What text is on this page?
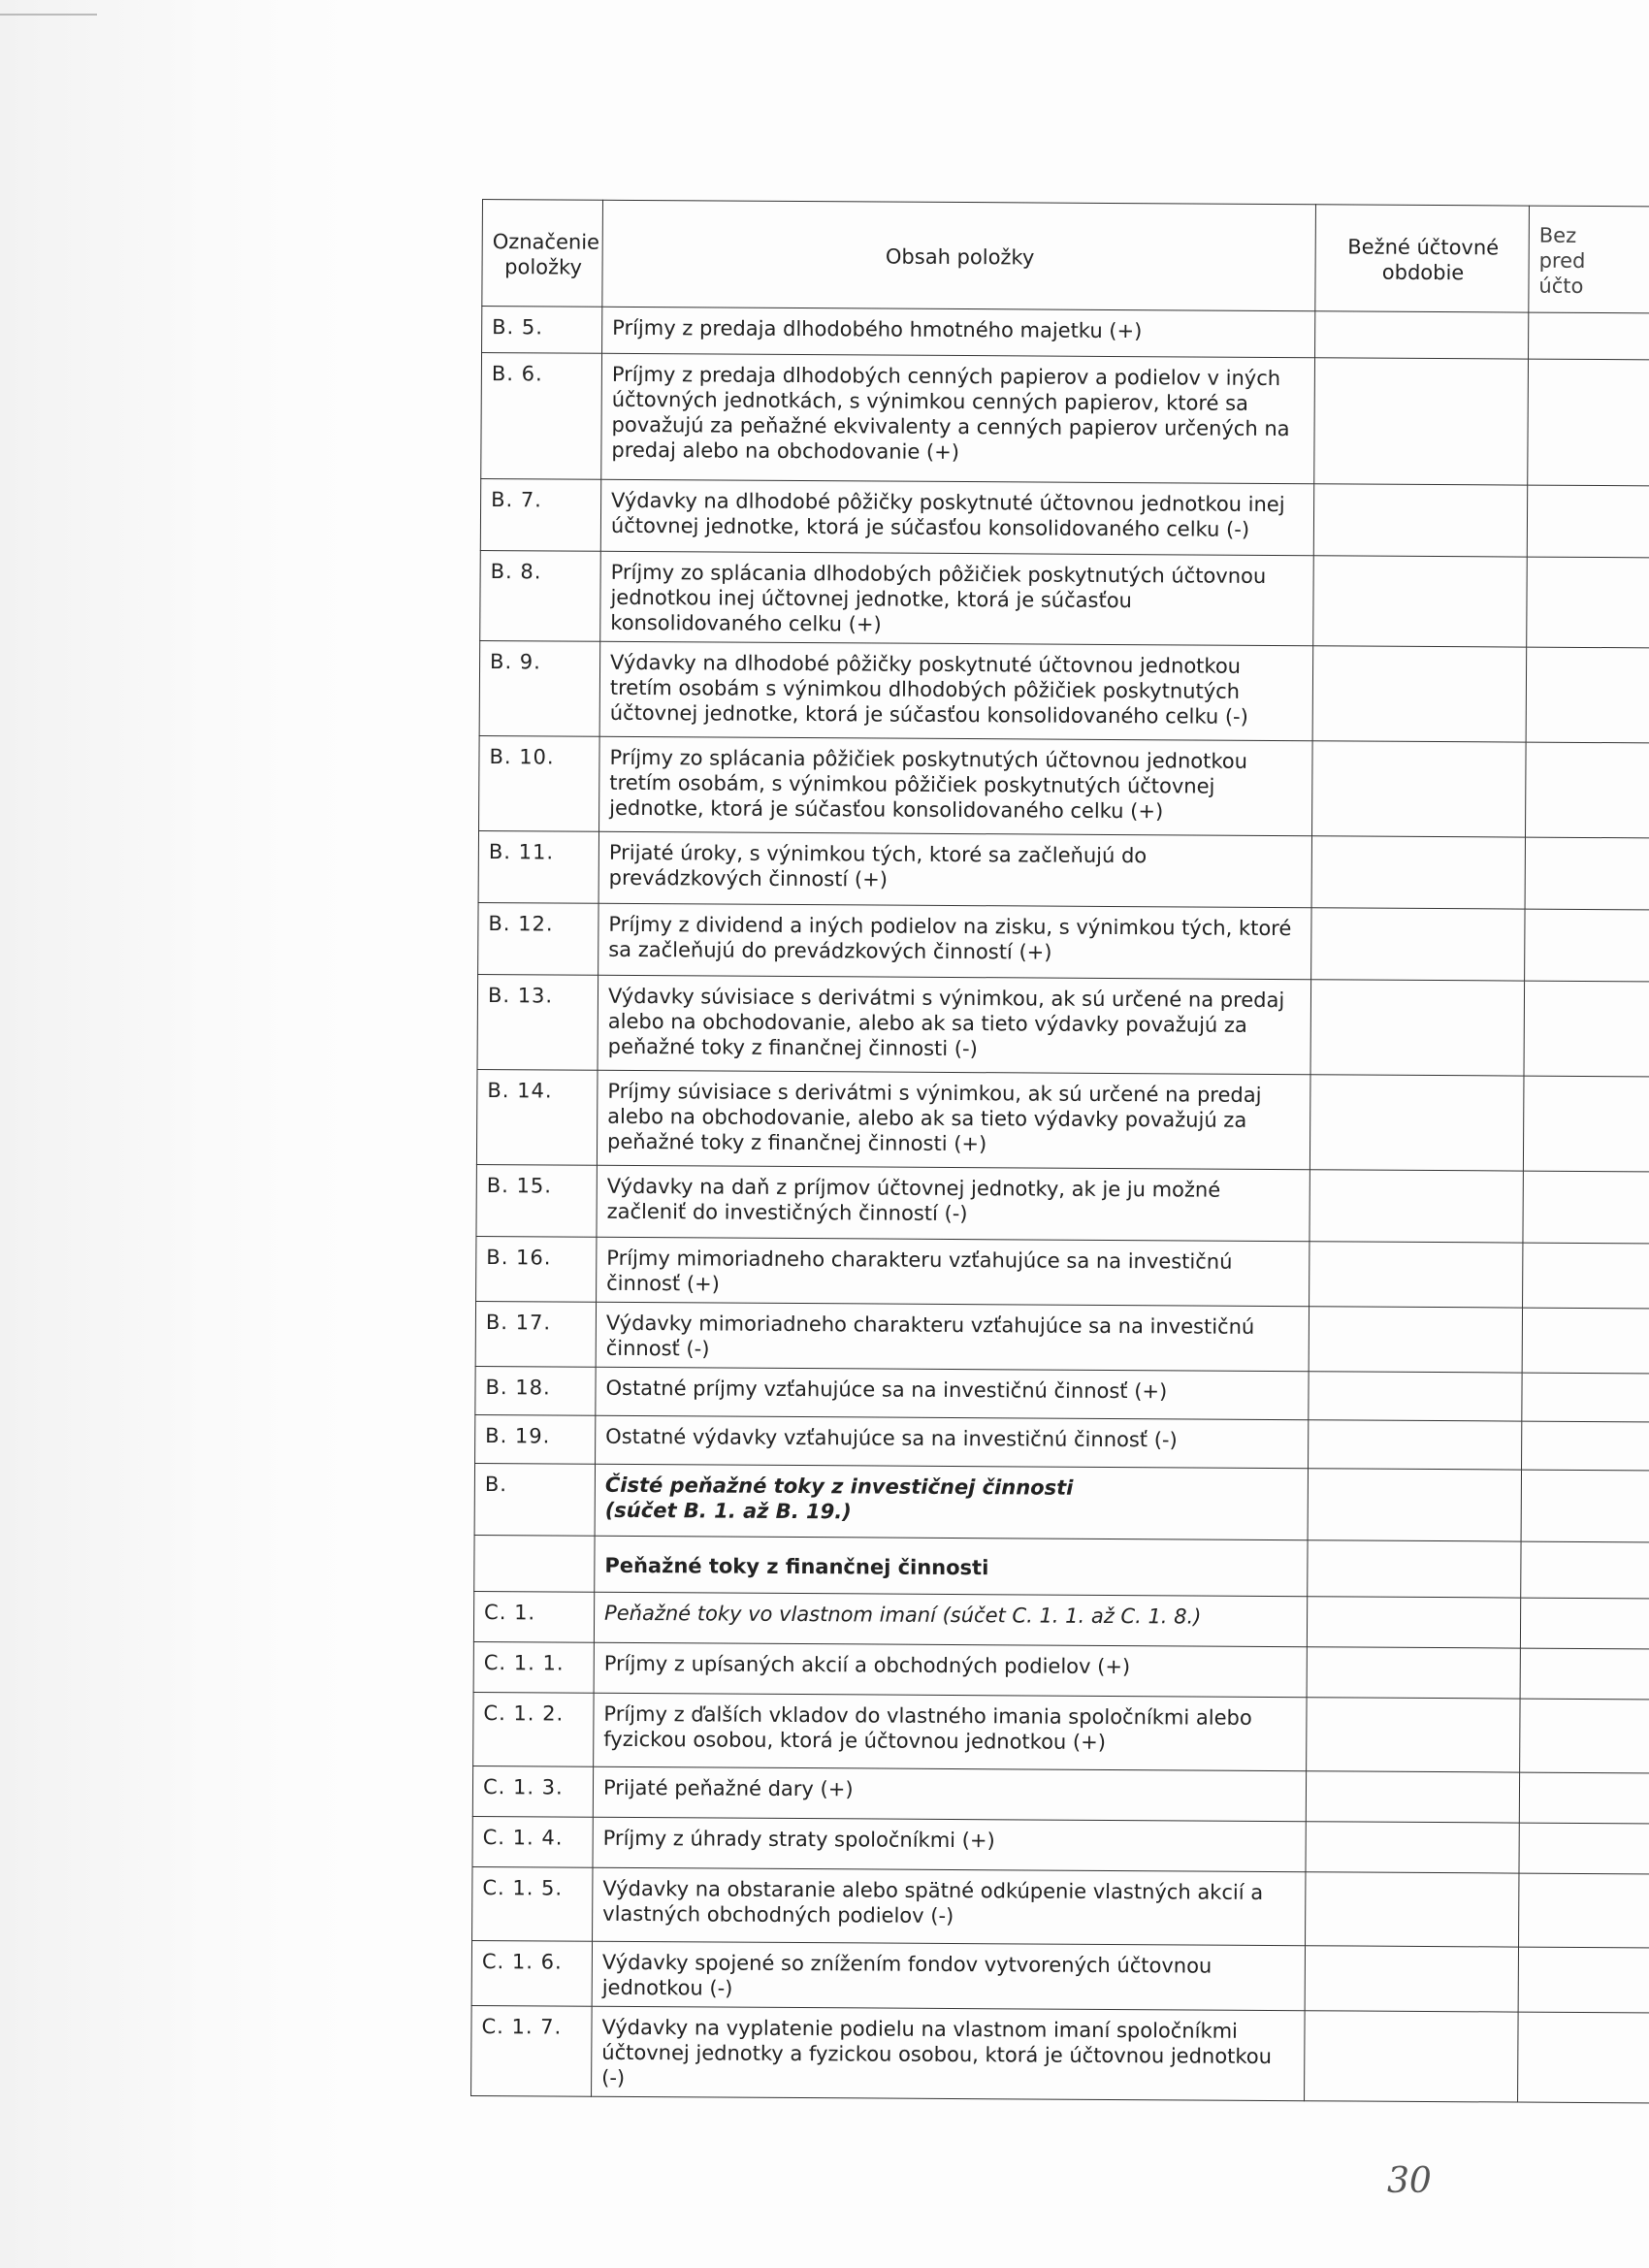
Označenie položky	Obsah položky	Bežné účtovné obdobie	Bez
pred
účto

B. 5.	Príjmy z predaja dlhodobého hmotného majetku (+)		
B. 6.	Príjmy z predaja dlhodobých cenných papierov a podielov v iných účtovných jednotkách, s výnimkou cenných papierov, ktoré sa považujú za peňažné ekvivalenty a cenných papierov určených na predaj alebo na obchodovanie (+)		
B. 7.	Výdavky na dlhodobé pôžičky poskytnuté účtovnou jednotkou inej účtovnej jednotke, ktorá je súčasťou konsolidovaného celku (-)		
B. 8.	Príjmy zo splácania dlhodobých pôžičiek poskytnutých účtovnou jednotkou inej účtovnej jednotke, ktorá je súčasťou konsolidovaného celku (+)		
B. 9.	Výdavky na dlhodobé pôžičky poskytnuté účtovnou jednotkou tretím osobám s výnimkou dlhodobých pôžičiek poskytnutých účtovnej jednotke, ktorá je súčasťou konsolidovaného celku (-)		
B. 10.	Príjmy zo splácania pôžičiek poskytnutých účtovnou jednotkou tretím osobám, s výnimkou pôžičiek poskytnutých účtovnej jednotke, ktorá je súčasťou konsolidovaného celku (+)		
B. 11.	Prijaté úroky, s výnimkou tých, ktoré sa začleňujú do prevádzkových činností (+)		
B. 12.	Príjmy z dividend a iných podielov na zisku, s výnimkou tých, ktoré sa začleňujú do prevádzkových činností (+)		
B. 13.	Výdavky súvisiace s derivátmi s výnimkou, ak sú určené na predaj alebo na obchodovanie, alebo ak sa tieto výdavky považujú za peňažné toky z finančnej činnosti (-)		
B. 14.	Príjmy súvisiace s derivátmi s výnimkou, ak sú určené na predaj alebo na obchodovanie, alebo ak sa tieto výdavky považujú za peňažné toky z finančnej činnosti (+)		
B. 15.	Výdavky na daň z príjmov účtovnej jednotky, ak je ju možné začleniť do investičných činností (-)		
B. 16.	Príjmy mimoriadneho charakteru vzťahujúce sa na investičnú činnosť (+)		
B. 17.	Výdavky mimoriadneho charakteru vzťahujúce sa na investičnú činnosť (-)		
B. 18.	Ostatné príjmy vzťahujúce sa na investičnú činnosť (+)		
B. 19.	Ostatné výdavky vzťahujúce sa na investičnú činnosť (-)		
B.	Čisté peňažné toky z investičnej činnosti
(súčet B. 1. až B. 19.)		

	Peňažné toky z finančnej činnosti		
C. 1.	Peňažné toky vo vlastnom imaní (súčet C. 1. 1. až C. 1. 8.)		
C. 1. 1.	Príjmy z upísaných akcií a obchodných podielov (+)		
C. 1. 2.	Príjmy z ďalších vkladov do vlastného imania spoločníkmi alebo fyzickou osobou, ktorá je účtovnou jednotkou (+)		
C. 1. 3.	Prijaté peňažné dary (+)		
C. 1. 4.	Príjmy z úhrady straty spoločníkmi (+)		
C. 1. 5.	Výdavky na obstaranie alebo spätné odkúpenie vlastných akcií a vlastných obchodných podielov (-)		
C. 1. 6.	Výdavky spojené so znížením fondov vytvorených účtovnou jednotkou (-)		
C. 1. 7.	Výdavky na vyplatenie podielu na vlastnom imaní spoločníkmi účtovnej jednotky a fyzickou osobou, ktorá je účtovnou jednotkou (-)		
30
